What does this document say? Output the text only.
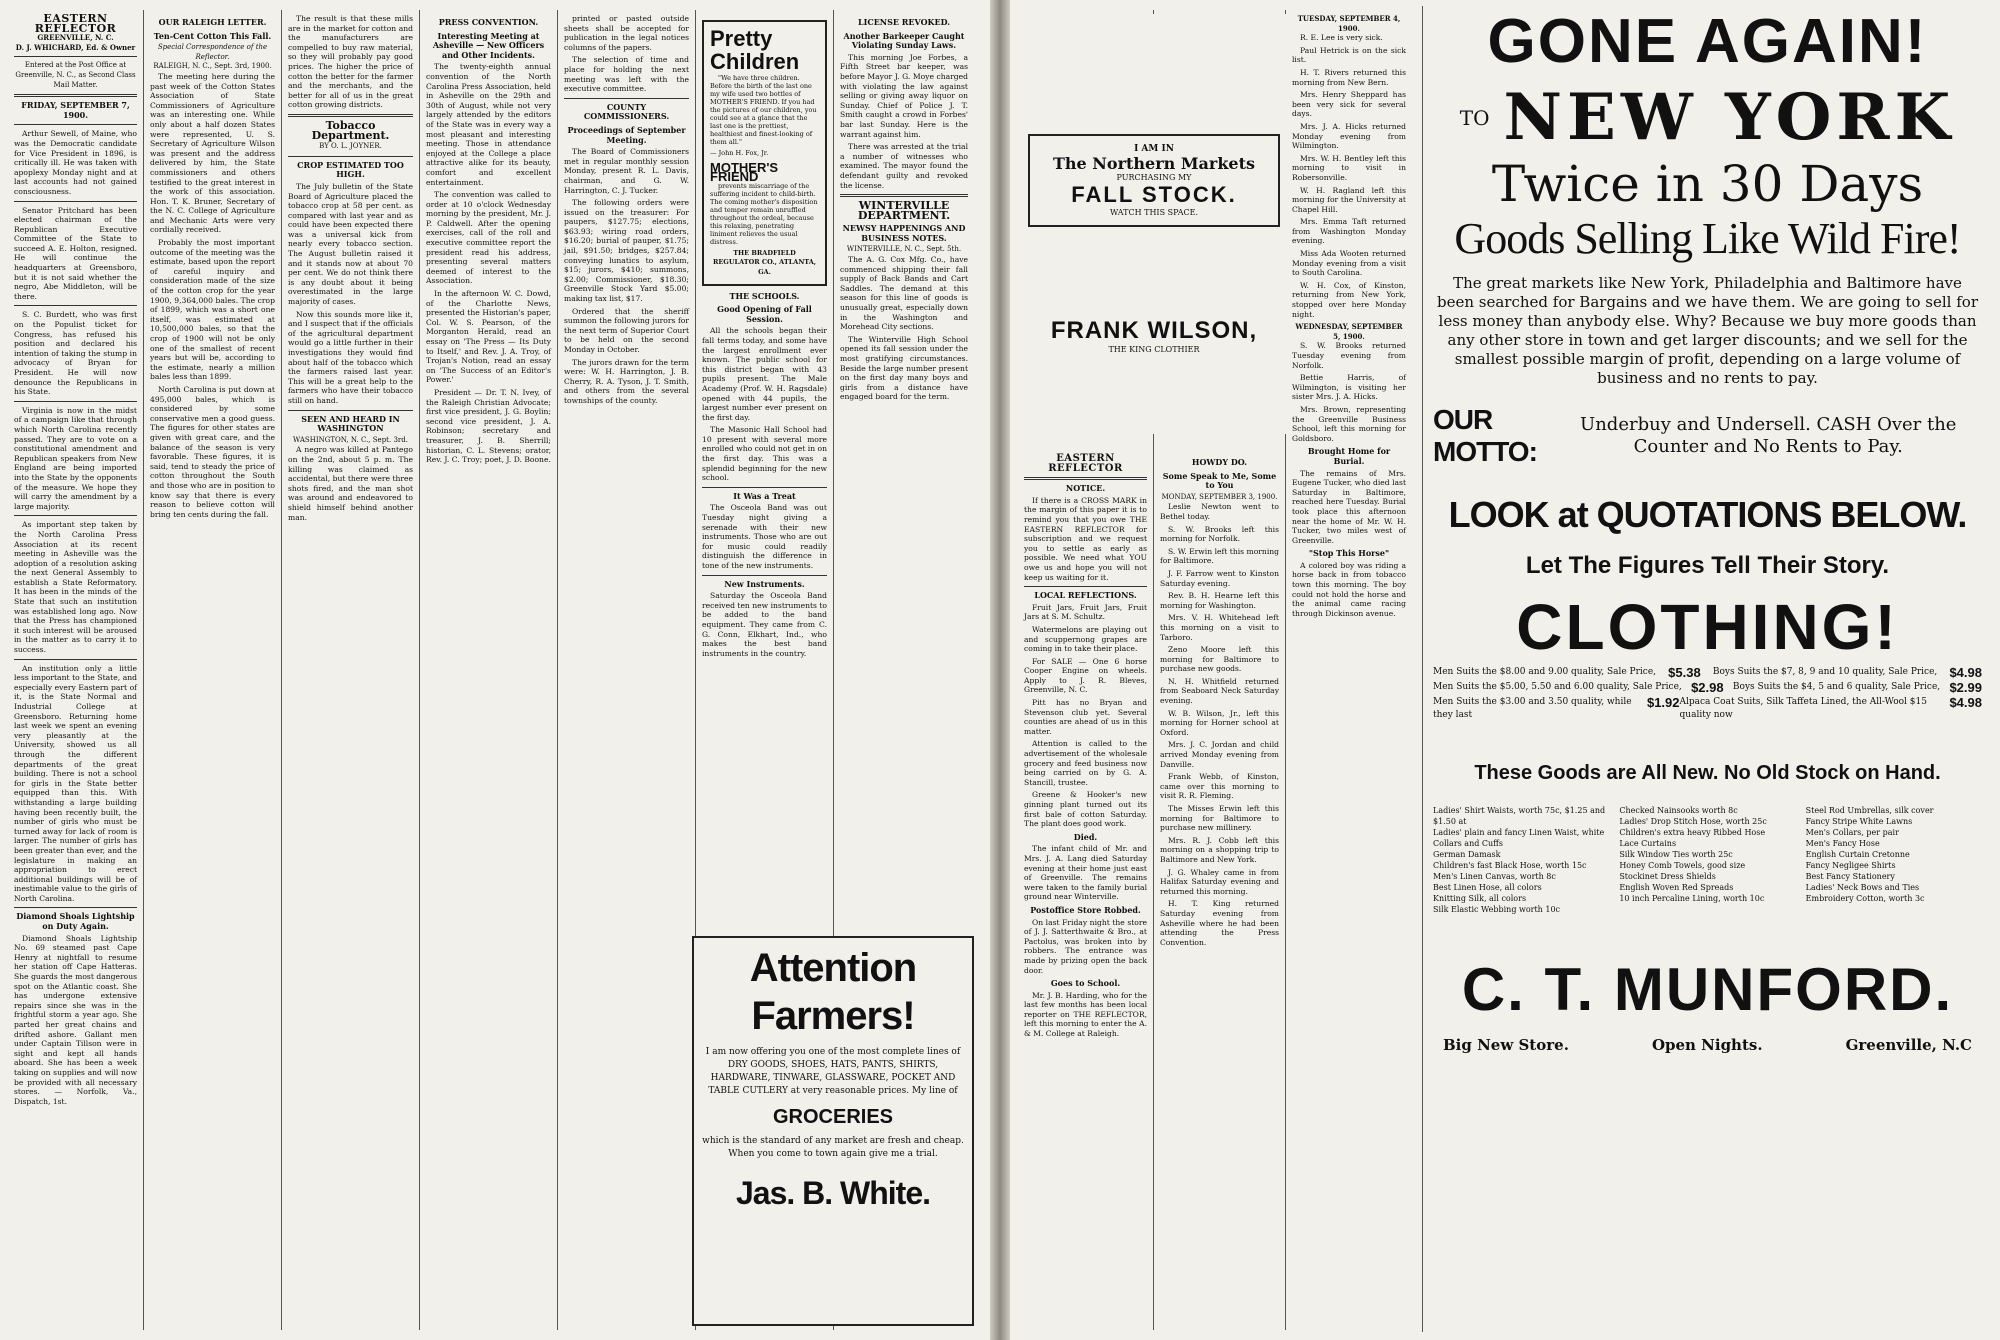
EASTERN REFLECTOR
GREENVILLE, N. C.
D. J. WHICHARD, Ed. & Owner
Entered at the Post Office at Greenville, N. C., as Second Class Mail Matter.
FRIDAY, SEPTEMBER 7, 1900.

Arthur Sewell, of Maine, who was the Democratic candidate for Vice President in 1896, is critically ill. He was taken with apoplexy Monday night and at last accounts had not gained consciousness.

Senator Pritchard has been elected chairman of the Republican Executive Committee of the State to succeed A. E. Holton, resigned. He will continue the headquarters at Greensboro, but it is not said whether the negro, Abe Middleton, will be there.

S. C. Burdett, who was first on the Populist ticket for Congress, has refused his position and declared his intention of taking the stump in advocacy of Bryan for President. He will now denounce the Republicans in his State.

Virginia is now in the midst of a campaign like that through which North Carolina recently passed. They are to vote on a constitutional amendment and Republican speakers from New England are being imported into the State by the opponents of the measure. We hope they will carry the amendment by a large majority.

As important step taken by the North Carolina Press Association at its recent meeting in Asheville was the adoption of a resolution asking the next General Assembly to establish a State Reformatory. It has been in the minds of the State that such an institution was established long ago. Now that the Press has championed it such interest will be aroused in the matter as to carry it to success.

An institution only a little less important to the State, and especially every Eastern part of it, is the State Normal and Industrial College at Greensboro. Returning home last week we spent an evening very pleasantly at the University, showed us all through the different departments of the great building. There is not a school for girls in the State better equipped than this. With withstanding a large building having been recently built, the number of girls who must be turned away for lack of room is larger. The number of girls has been greater than ever, and the legislature in making an appropriation to erect additional buildings will be of inestimable value to the girls of North Carolina.

Diamond Shoals Lightship on Duty Again.

Diamond Shoals Lightship No. 69 steamed past Cape Henry at nightfall to resume her station off Cape Hatteras. She guards the most dangerous spot on the Atlantic coast. She has undergone extensive repairs since she was in the frightful storm a year ago. She parted her great chains and drifted ashore. Gallant men under Captain Tillson were in sight and kept all hands aboard. She has been a week taking on supplies and will now be provided with all necessary stores. — Norfolk, Va., Dispatch, 1st.

OUR RALEIGH LETTER.
Ten-Cent Cotton This Fall.
Special Correspondence of the Reflector.
RALEIGH, N. C., Sept. 3rd, 1900.

The meeting here during the past week of the Cotton States Association of State Commissioners of Agriculture was an interesting one. While only about a half dozen States were represented, U. S. Secretary of Agriculture Wilson was present and the address delivered by him, the State commissioners and others testified to the great interest in the work of this association. Hon. T. K. Bruner, Secretary of the N. C. College of Agriculture and Mechanic Arts were very cordially received.

Probably the most important outcome of the meeting was the estimate, based upon the report of careful inquiry and consideration made of the size of the cotton crop for the year 1900, 9,364,000 bales. The crop of 1899, which was a short one itself, was estimated at 10,500,000 bales, so that the crop of 1900 will not be only one of the smallest of recent years but will be, according to the estimate, nearly a million bales less than 1899.

North Carolina is put down at 495,000 bales, which is considered by some conservative men a good guess. The figures for other states are given with great care, and the balance of the season is very favorable. These figures, it is said, tend to steady the price of cotton throughout the South and those who are in position to know say that there is every reason to believe cotton will bring ten cents during the fall.

The result is that these mills are in the market for cotton and the manufacturers are compelled to buy raw material, so they will probably pay good prices. The higher the price of cotton the better for the farmer and the merchants, and the better for all of us in the great cotton growing districts.

Tobacco Department.
BY O. L. JOYNER.
CROP ESTIMATED TOO HIGH.

The July bulletin of the State Board of Agriculture placed the tobacco crop at 58 per cent. as compared with last year and as could have been expected there was a universal kick from nearly every tobacco section. The August bulletin raised it and it stands now at about 70 per cent. We do not think there is any doubt about it being overestimated in the large majority of cases.

Now this sounds more like it, and I suspect that if the officials of the agricultural department would go a little further in their investigations they would find about half of the tobacco which the farmers raised last year. This will be a great help to the farmers who have their tobacco still on hand.

SEEN AND HEARD IN WASHINGTON
WASHINGTON, N. C., Sept. 3rd.

A negro was killed at Pantego on the 2nd, about 5 p. m. The killing was claimed as accidental, but there were three shots fired, and the man shot was around and endeavored to shield himself behind another man.

PRESS CONVENTION.
Interesting Meeting at Asheville — New Officers and Other Incidents.

The twenty-eighth annual convention of the North Carolina Press Association, held in Asheville on the 29th and 30th of August, while not very largely attended by the editors of the State was in every way a most pleasant and interesting meeting. Those in attendance enjoyed at the College a place attractive alike for its beauty, comfort and excellent entertainment.

The convention was called to order at 10 o'clock Wednesday morning by the president, Mr. J. P. Caldwell. After the opening exercises, call of the roll and executive committee report the president read his address, presenting several matters deemed of interest to the Association.

In the afternoon W. C. Dowd, of the Charlotte News, presented the Historian's paper, Col. W. S. Pearson, of the Morganton Herald, read an essay on 'The Press — Its Duty to Itself,' and Rev. J. A. Troy, of Trojan's Notion, read an essay on 'The Success of an Editor's Power.'

President — Dr. T. N. Ivey, of the Raleigh Christian Advocate; first vice president, J. G. Boylin; second vice president, J. A. Robinson; secretary and treasurer, J. B. Sherrill; historian, C. L. Stevens; orator, Rev. J. C. Troy; poet, J. D. Boone.

printed or pasted outside sheets shall be accepted for publication in the legal notices columns of the papers.

The selection of time and place for holding the next meeting was left with the executive committee.

COUNTY COMMISSIONERS.
Proceedings of September Meeting.

The Board of Commissioners met in regular monthly session Monday, present R. L. Davis, chairman, and G. W. Harrington, C. J. Tucker.

The following orders were issued on the treasurer: For paupers, $127.75; elections, $63.93; wiring road orders, $16.20; burial of pauper, $1.75; jail, $91.50; bridges, $257.84; conveying lunatics to asylum, $15; jurors, $410; summons, $2.00; Commissioner, $18.30; Greenville Stock Yard $5.00; making tax list, $17.

Ordered that the sheriff summon the following jurors for the next term of Superior Court to be held on the second Monday in October.

The jurors drawn for the term were: W. H. Harrington, J. B. Cherry, R. A. Tyson, J. T. Smith, and others from the several townships of the county.

Pretty
Children

"We have three children. Before the birth of the last one my wife used two bottles of MOTHER'S FRIEND. If you had the pictures of our children, you could see at a glance that the last one is the prettiest, healthiest and finest-looking of them all."

— John H. Fox, Jr.
MOTHER'S FRIEND

prevents miscarriage of the suffering incident to child-birth. The coming mother's disposition and temper remain unruffled throughout the ordeal, because this relaxing, penetrating liniment relieves the usual distress.

THE BRADFIELD REGULATOR CO., ATLANTA, GA.
THE SCHOOLS.
Good Opening of Fall Session.

All the schools began their fall terms today, and some have the largest enrollment ever known. The public school for this district began with 43 pupils present. The Male Academy (Prof. W. H. Ragsdale) opened with 44 pupils, the largest number ever present on the first day.

The Masonic Hall School had 10 present with several more enrolled who could not get in on the first day. This was a splendid beginning for the new school.

It Was a Treat

The Osceola Band was out Tuesday night giving a serenade with their new instruments. Those who are out for music could readily distinguish the difference in tone of the new instruments.

New Instruments.

Saturday the Osceola Band received ten new instruments to be added to the band equipment. They came from C. G. Conn, Elkhart, Ind., who makes the best band instruments in the country.

LICENSE REVOKED.
Another Barkeeper Caught Violating Sunday Laws.

This morning Joe Forbes, a Fifth Street bar keeper, was before Mayor J. G. Moye charged with violating the law against selling or giving away liquor on Sunday. Chief of Police J. T. Smith caught a crowd in Forbes' bar last Sunday. Here is the warrant against him.

There was arrested at the trial a number of witnesses who examined. The mayor found the defendant guilty and revoked the license.

WINTERVILLE DEPARTMENT.
NEWSY HAPPENINGS AND BUSINESS NOTES.
WINTERVILLE, N. C., Sept. 5th.

The A. G. Cox Mfg. Co., have commenced shipping their fall supply of Back Bands and Cart Saddles. The demand at this season for this line of goods is unusually great, especially down in the Washington and Morehead City sections.

The Winterville High School opened its fall session under the most gratifying circumstances. Beside the large number present on the first day many boys and girls from a distance have engaged board for the term.

Attention Farmers!
I am now offering you one of the most complete lines of DRY GOODS, SHOES, HATS, PANTS, SHIRTS, HARDWARE, TINWARE, GLASSWARE, POCKET AND TABLE CUTLERY at very reasonable prices. My line of
GROCERIES
which is the standard of any market are fresh and cheap. When you come to town again give me a trial.
Jas. B. White.
EASTERN REFLECTOR
NOTICE.

If there is a CROSS MARK in the margin of this paper it is to remind you that you owe THE EASTERN REFLECTOR for subscription and we request you to settle as early as possible. We need what YOU owe us and hope you will not keep us waiting for it.

LOCAL REFLECTIONS.

Fruit Jars, Fruit Jars, Fruit Jars at S. M. Schultz.

Watermelons are playing out and scuppernong grapes are coming in to take their place.

For SALE — One 6 horse Cooper Engine on wheels. Apply to J. R. Bleves, Greenville, N. C.

Pitt has no Bryan and Stevenson club yet. Several counties are ahead of us in this matter.

Attention is called to the advertisement of the wholesale grocery and feed business now being carried on by G. A. Stancill, trustee.

Greene & Hooker's new ginning plant turned out its first bale of cotton Saturday. The plant does good work.

Died.

The infant child of Mr. and Mrs. J. A. Lang died Saturday evening at their home just east of Greenville. The remains were taken to the family burial ground near Winterville.

Postoffice Store Robbed.

On last Friday night the store of J. J. Satterthwaite & Bro., at Pactolus, was broken into by robbers. The entrance was made by prizing open the back door.

Goes to School.

Mr. J. B. Harding, who for the last few months has been local reporter on THE REFLECTOR, left this morning to enter the A. & M. College at Raleigh.

HOWDY DO.
Some Speak to Me, Some to You
MONDAY, SEPTEMBER 3, 1900.

Leslie Newton went to Bethel today.

S. W. Brooks left this morning for Norfolk.

S. W. Erwin left this morning for Baltimore.

J. F. Farrow went to Kinston Saturday evening.

Rev. B. H. Hearne left this morning for Washington.

Mrs. V. H. Whitehead left this morning on a visit to Tarboro.

Zeno Moore left this morning for Baltimore to purchase new goods.

N. H. Whitfield returned from Seaboard Neck Saturday evening.

W. B. Wilson, Jr., left this morning for Horner school at Oxford.

Mrs. J. C. Jordan and child arrived Monday evening from Danville.

Frank Webb, of Kinston, came over this morning to visit R. R. Fleming.

The Misses Erwin left this morning for Baltimore to purchase new millinery.

Mrs. R. J. Cobb left this morning on a shopping trip to Baltimore and New York.

J. G. Whaley came in from Halifax Saturday evening and returned this morning.

H. T. King returned Saturday evening from Asheville where he had been attending the Press Convention.

TUESDAY, SEPTEMBER 4, 1900.

R. E. Lee is very sick.

Paul Hetrick is on the sick list.

H. T. Rivers returned this morning from New Bern.

Mrs. Henry Sheppard has been very sick for several days.

Mrs. J. A. Hicks returned Monday evening from Wilmington.

Mrs. W. H. Bentley left this morning to visit in Robersonville.

W. H. Ragland left this morning for the University at Chapel Hill.

Mrs. Emma Taft returned from Washington Monday evening.

Miss Ada Wooten returned Monday evening from a visit to South Carolina.

W. H. Cox, of Kinston, returning from New York, stopped over here Monday night.

WEDNESDAY, SEPTEMBER 5, 1900.

S. W. Brooks returned Tuesday evening from Norfolk.

Bettie Harris, of Wilmington, is visiting her sister Mrs. J. A. Hicks.

Mrs. Brown, representing the Greenville Business School, left this morning for Goldsboro.

Brought Home for Burial.

The remains of Mrs. Eugene Tucker, who died last Saturday in Baltimore, reached here Tuesday. Burial took place this afternoon near the home of Mr. W. H. Tucker, two miles west of Greenville.

"Stop This Horse"

A colored boy was riding a horse back in from tobacco town this morning. The boy could not hold the horse and the animal came racing through Dickinson avenue.

I AM IN
The Northern Markets
PURCHASING MY
FALL STOCK.
WATCH THIS SPACE.
FRANK WILSON,
THE KING CLOTHIER
GONE AGAIN!
TO NEW YORK
Twice in 30 Days
Goods Selling Like Wild Fire!
The great markets like New York, Philadelphia and Baltimore have been searched for Bargains and we have them. We are going to sell for less money than anybody else. Why? Because we buy more goods than any other store in town and get larger discounts; and we sell for the smallest possible margin of profit, depending on a large volume of business and no rents to pay.
OUR MOTTO:
Underbuy and Undersell. CASH Over the Counter and No Rents to Pay.
LOOK at QUOTATIONS BELOW.
Let The Figures Tell Their Story.
CLOTHING!
Men Suits the $8.00 and 9.00 quality, Sale Price, $5.38 Boys Suits the $7, 8, 9 and 10 quality, Sale Price, $4.98
Men Suits the $5.00, 5.50 and 6.00 quality, Sale Price, $2.98 Boys Suits the $4, 5 and 6 quality, Sale Price, $2.99
Men Suits the $3.00 and 3.50 quality, while they last
$1.92 Alpaca Coat Suits, Silk Taffeta Lined, the All-Wool $15 quality now
$4.98
These Goods are All New. No Old Stock on Hand.
Ladies' Shirt Waists, worth 75c, $1.25 and $1.50 at
Ladies' plain and fancy Linen Waist, white Collars and Cuffs
German Damask
Children's fast Black Hose, worth 15c
Men's Linen Canvas, worth 8c
Best Linen Hose, all colors
Knitting Silk, all colors
Silk Elastic Webbing worth 10c
Checked Nainsooks worth 8c
Ladies' Drop Stitch Hose, worth 25c
Children's extra heavy Ribbed Hose
Lace Curtains
Silk Window Ties worth 25c
Honey Comb Towels, good size
Stockinet Dress Shields
English Woven Red Spreads
10 inch Percaline Lining, worth 10c
Steel Rod Umbrellas, silk cover
Fancy Stripe White Lawns
Men's Collars, per pair
Men's Fancy Hose
English Curtain Cretonne
Fancy Negligee Shirts
Best Fancy Stationery
Ladies' Neck Bows and Ties
Embroidery Cotton, worth 3c
C. T. MUNFORD.
Big New Store.	Open Nights.	Greenville, N.C
